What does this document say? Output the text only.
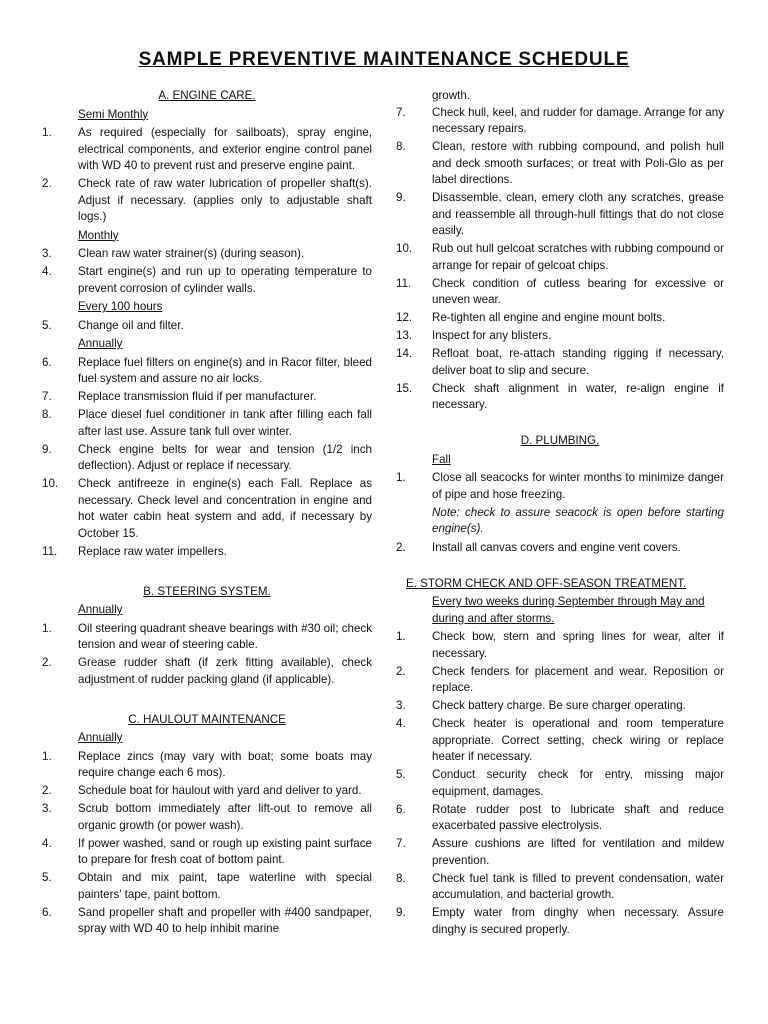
SAMPLE PREVENTIVE MAINTENANCE SCHEDULE
A. ENGINE CARE.
Semi Monthly
1.	As required (especially for sailboats), spray engine, electrical components, and exterior engine control panel with WD 40 to prevent rust and preserve engine paint.
2.	Check rate of raw water lubrication of propeller shaft(s). Adjust if necessary. (applies only to adjustable shaft logs.)
Monthly
3.	Clean raw water strainer(s) (during season).
4.	Start engine(s) and run up to operating temperature to prevent corrosion of cylinder walls.
Every 100 hours
5.	Change oil and filter.
Annually
6.	Replace fuel filters on engine(s) and in Racor filter, bleed fuel system and assure no air locks.
7.	Replace transmission fluid if per manufacturer.
8.	Place diesel fuel conditioner in tank after filling each fall after last use. Assure tank full over winter.
9.	Check engine belts for wear and tension (1/2 inch deflection). Adjust or replace if necessary.
10.	Check antifreeze in engine(s) each Fall. Replace as necessary. Check level and concentration in engine and hot water cabin heat system and add, if necessary by October 15.
11.	Replace raw water impellers.
B. STEERING SYSTEM.
Annually
1.	Oil steering quadrant sheave bearings with #30 oil; check tension and wear of steering cable.
2.	Grease rudder shaft (if zerk fitting available), check adjustment of rudder packing gland (if applicable).
C. HAULOUT MAINTENANCE
Annually
1.	Replace zincs (may vary with boat; some boats may require change each 6 mos).
2.	Schedule boat for haulout with yard and deliver to yard.
3.	Scrub bottom immediately after lift-out to remove all organic growth (or power wash).
4.	If power washed, sand or rough up existing paint surface to prepare for fresh coat of bottom paint.
5.	Obtain and mix paint, tape waterline with special painters' tape, paint bottom.
6.	Sand propeller shaft and propeller with #400 sandpaper, spray with WD 40 to help inhibit marine
growth.
7.	Check hull, keel, and rudder for damage. Arrange for any necessary repairs.
8.	Clean, restore with rubbing compound, and polish hull and deck smooth surfaces; or treat with Poli-Glo as per label directions.
9.	Disassemble, clean, emery cloth any scratches, grease and reassemble all through-hull fittings that do not close easily.
10.	Rub out hull gelcoat scratches with rubbing compound or arrange for repair of gelcoat chips.
11.	Check condition of cutless bearing for excessive or uneven wear.
12.	Re-tighten all engine and engine mount bolts.
13.	Inspect for any blisters.
14.	Refloat boat, re-attach standing rigging if necessary, deliver boat to slip and secure.
15.	Check shaft alignment in water, re-align engine if necessary.
D. PLUMBING.
Fall
1.	Close all seacocks for winter months to minimize danger of pipe and hose freezing.
Note: check to assure seacock is open before starting engine(s).
2.	Install all canvas covers and engine vent covers.
E. STORM CHECK AND OFF-SEASON TREATMENT.
Every two weeks during September through May and during and after storms.
1.	Check bow, stern and spring lines for wear, alter if necessary.
2.	Check fenders for placement and wear. Reposition or replace.
3.	Check battery charge. Be sure charger operating.
4.	Check heater is operational and room temperature appropriate. Correct setting, check wiring or replace heater if necessary.
5.	Conduct security check for entry, missing major equipment, damages.
6.	Rotate rudder post to lubricate shaft and reduce exacerbated passive electrolysis.
7.	Assure cushions are lifted for ventilation and mildew prevention.
8.	Check fuel tank is filled to prevent condensation, water accumulation, and bacterial growth.
9.	Empty water from dinghy when necessary. Assure dinghy is secured properly.
